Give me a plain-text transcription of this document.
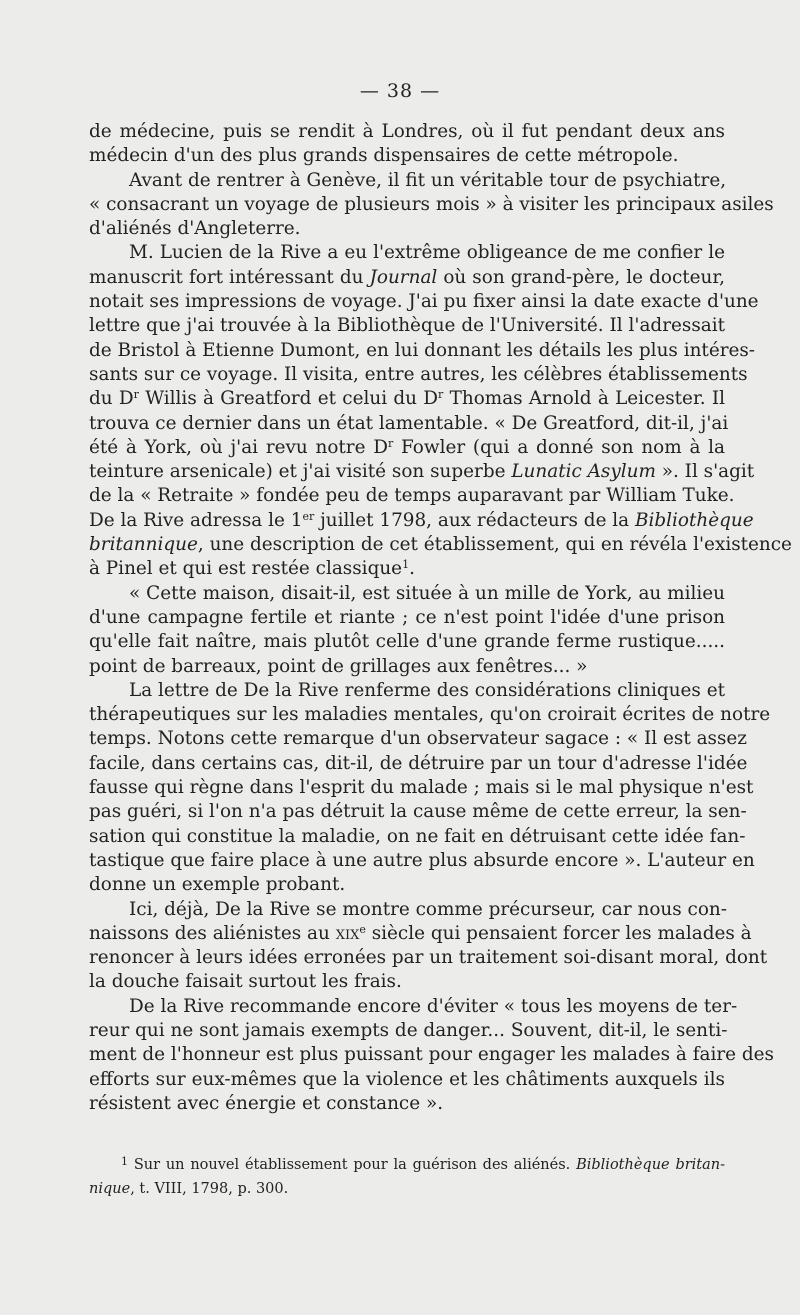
— 38 —
de médecine, puis se rendit à Londres, où il fut pendant deux ans
médecin d'un des plus grands dispensaires de cette métropole.
Avant de rentrer à Genève, il fit un véritable tour de psychiatre,
« consacrant un voyage de plusieurs mois » à visiter les principaux asiles
d'aliénés d'Angleterre.
M. Lucien de la Rive a eu l'extrême obligeance de me confier le
manuscrit fort intéressant du Journal où son grand-père, le docteur,
notait ses impressions de voyage. J'ai pu fixer ainsi la date exacte d'une
lettre que j'ai trouvée à la Bibliothèque de l'Université. Il l'adressait
de Bristol à Etienne Dumont, en lui donnant les détails les plus intéres-
sants sur ce voyage. Il visita, entre autres, les célèbres établissements
du $D^r$ Willis à Greatford et celui du $D^r$ Thomas Arnold à Leicester. Il
trouva ce dernier dans un état lamentable. « De Greatford, dit-il, j'ai
été à York, où j'ai revu notre $D^r$ Fowler (qui a donné son nom à la
teinture arsenicale) et j'ai visité son superbe Lunatic Asylum ». Il s'agit
de la « Retraite » fondée peu de temps auparavant par William Tuke.
De la Rive adressa le 1er juillet 1798, aux rédacteurs de la Bibliothèque
britannique, une description de cet établissement, qui en révéla l'existence
à Pinel et qui est restée classique$^1$.
« Cette maison, disait-il, est située à un mille de York, au milieu
d'une campagne fertile et riante ; ce n'est point l'idée d'une prison
qu'elle fait naître, mais plutôt celle d'une grande ferme rustique.....
point de barreaux, point de grillages aux fenêtres... »
La lettre de De la Rive renferme des considérations cliniques et
thérapeutiques sur les maladies mentales, qu'on croirait écrites de notre
temps. Notons cette remarque d'un observateur sagace : « Il est assez
facile, dans certains cas, dit-il, de détruire par un tour d'adresse l'idée
fausse qui règne dans l'esprit du malade ; mais si le mal physique n'est
pas guéri, si l'on n'a pas détruit la cause même de cette erreur, la sen-
sation qui constitue la maladie, on ne fait en détruisant cette idée fan-
tastique que faire place à une autre plus absurde encore ». L'auteur en
donne un exemple probant.
Ici, déjà, De la Rive se montre comme précurseur, car nous con-
naissons des aliénistes au xix$^e$ siècle qui pensaient forcer les malades à
renoncer à leurs idées erronées par un traitement soi-disant moral, dont
la douche faisait surtout les frais.
De la Rive recommande encore d'éviter « tous les moyens de ter-
reur qui ne sont jamais exempts de danger... Souvent, dit-il, le senti-
ment de l'honneur est plus puissant pour engager les malades à faire des
efforts sur eux-mêmes que la violence et les châtiments auxquels ils
résistent avec énergie et constance ».
$^1$ Sur un nouvel établissement pour la guérison des aliénés. Bibliothèque britan-
nique, t. VIII, 1798, p. 300.
